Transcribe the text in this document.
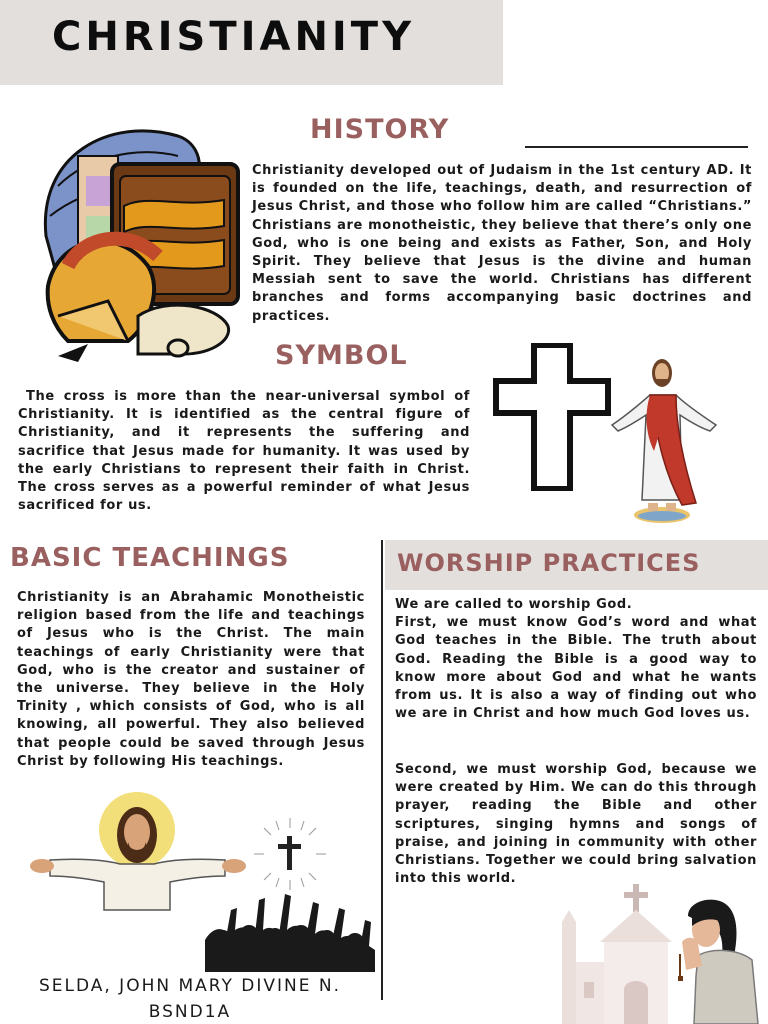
CHRISTIANITY
HISTORY

Christianity developed out of Judaism in the 1st century AD. It is founded on the life, teachings, death, and resurrection of Jesus Christ, and those who follow him are called “Christians.” Christians are monotheistic, they believe that there’s only one God, who is one being and exists as Father, Son, and Holy Spirit. They believe that Jesus is the divine and human Messiah sent to save the world. Christians has different branches and forms accompanying basic doctrines and practices.

SYMBOL

The cross is more than the near-universal symbol of Christianity. It is identified as the central figure of Christianity, and it represents the suffering and sacrifice that Jesus made for humanity. It was used by the early Christians to represent their faith in Christ. The cross serves as a powerful reminder of what Jesus sacrificed for us.

BASIC TEACHINGS

Christianity is an Abrahamic Monotheistic religion based from the life and teachings of Jesus who is the Christ. The main teachings of early Christianity were that God, who is the creator and sustainer of the universe. They believe in the Holy Trinity , which consists of God, who is all knowing, all powerful. They also believed that people could be saved through Jesus Christ by following His teachings.

WORSHIP PRACTICES

We are called to worship God.
First, we must know God’s word and what God teaches in the Bible. The truth about God. Reading the Bible is a good way to know more about God and what he wants from us. It is also a way of finding out who we are in Christ and how much God loves us.

Second, we must worship God, because we were created by Him. We can do this through prayer, reading the Bible and other scriptures, singing hymns and songs of praise, and joining in community with other Christians. Together we could bring salvation into this world.

SELDA, JOHN MARY DIVINE N.

BSND1A
